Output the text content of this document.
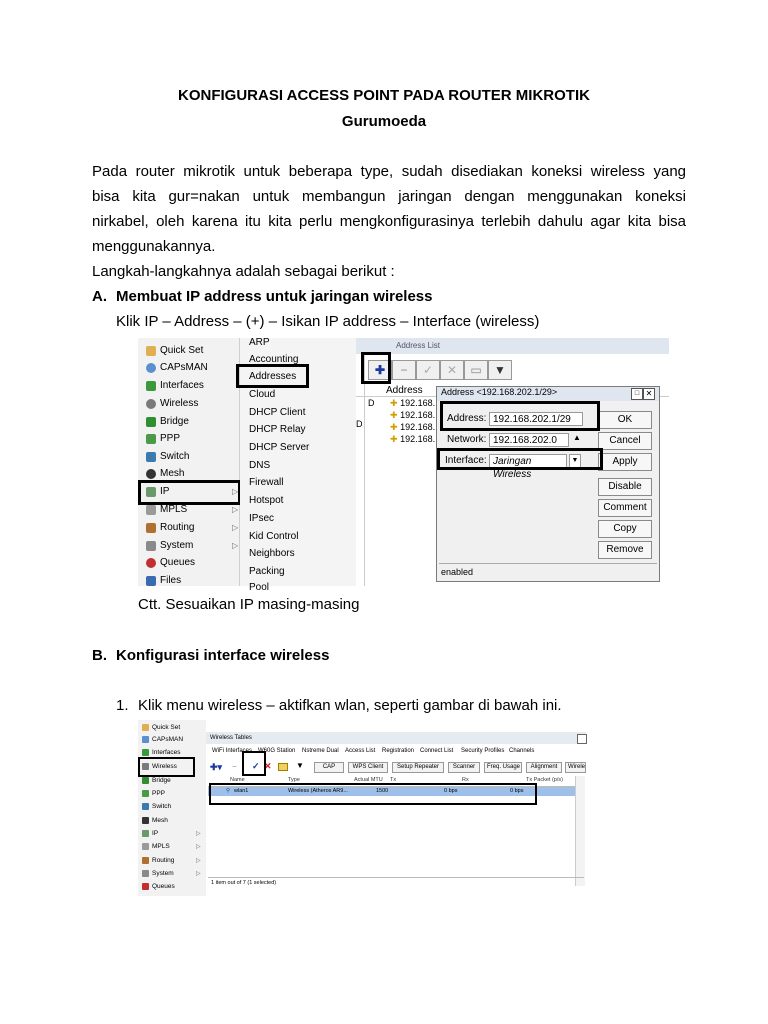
KONFIGURASI ACCESS POINT PADA ROUTER MIKROTIK
Gurumoeda
Pada router mikrotik untuk beberapa type, sudah disediakan koneksi wireless yang
bisa kita gur=nakan untuk membangun jaringan dengan menggunakan koneksi
nirkabel, oleh karena itu kita perlu mengkonfigurasinya terlebih dahulu agar kita bisa
menggunakannya.
Langkah-langkahnya adalah sebagai berikut :
A. Membuat IP address untuk jaringan wireless
Klik IP – Address – (+) – Isikan IP address – Interface (wireless)
Quick Set
CAPsMAN
Interfaces
Wireless
Bridge
PPP
Switch
Mesh
IP	▷
MPLS	▷
Routing	▷
System	▷
Queues
Files
ARP
Accounting
Addresses
Cloud
DHCP Client
DHCP Relay
DHCP Server
DNS
Firewall
Hotspot
IPsec
Kid Control
Neighbors
Packing
Pool
Address List
✚	−	✓	✕	▭	▼
Address
D ✚ 192.168.
✚ 192.168.
D	✚ 192.168.
✚ 192.168.
Address <192.168.202.1/29>	□ ✕
Address: 192.168.202.1/29
Network: 192.168.202.0	▲
Interface: Jaringan Wireless
▼
OK
Cancel
Apply
Disable
Comment
Copy
Remove
enabled
Ctt. Sesuaikan IP masing-masing
B. Konfigurasi interface wireless
1. Klik menu wireless – aktifkan wlan, seperti gambar di bawah ini.
Quick Set
CAPsMAN
Interfaces
Wireless
Bridge
PPP
Switch
Mesh
IP	▷
MPLS	▷
Routing	▷
System	▷
Queues
Wireless Tables
WiFi Interfaces W60G Station Nstreme Dual Access List Registration Connect List Security Profiles Channels
✚▾ − ✓ ✕	▼	CAP	WPS Client	Setup Repeater	Scanner	Freq. Usage	Alignment	Wirele
Name	Type	Actual MTU Tx	Rx	Tx Packet (p/s)
⚲ wlan1	Wireless (Atheros AR9...	1500	0 bps	0 bps
1 item out of 7 (1 selected)
